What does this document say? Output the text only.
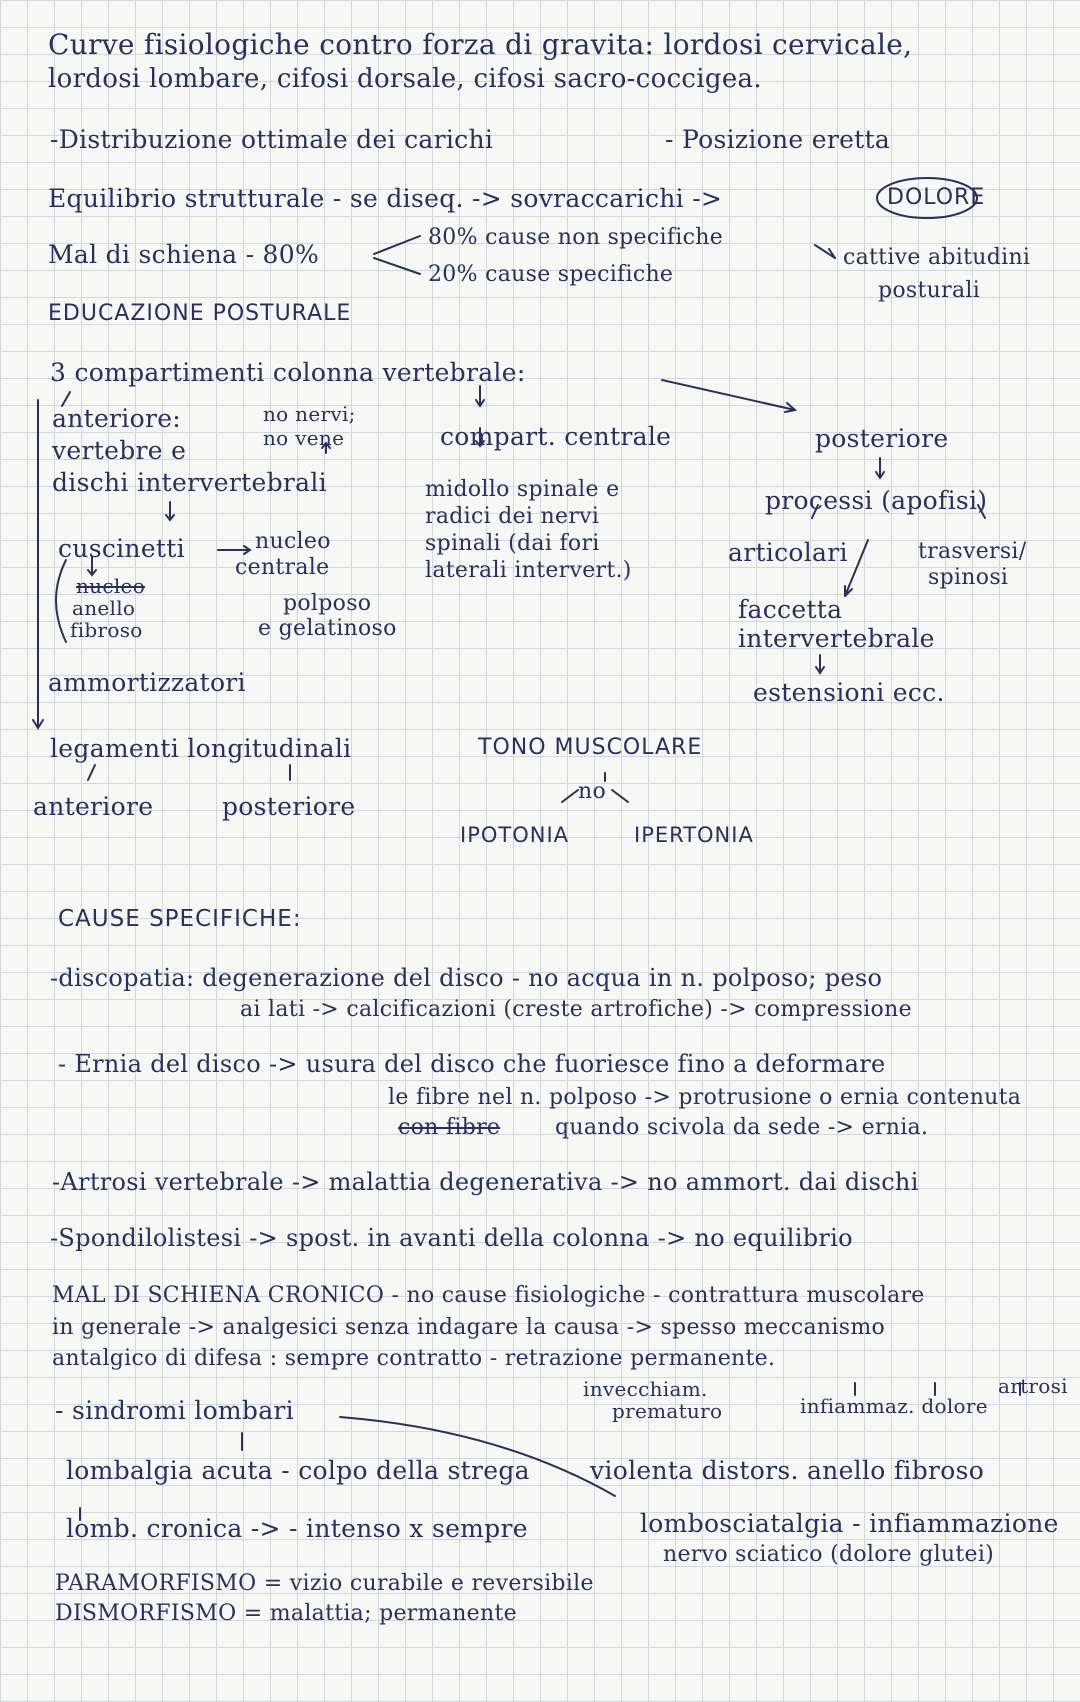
Curve fisiologiche contro forza di gravita: lordosi cervicale,
lordosi lombare, cifosi dorsale, cifosi sacro-coccigea.
-Distribuzione ottimale dei carichi	- Posizione eretta
Equilibrio strutturale - se diseq. -> sovraccarichi ->	DOLORE
Mal di schiena - 80%
80% cause non specifiche
20% cause specifiche
cattive abitudini
posturali
EDUCAZIONE POSTURALE
3 compartimenti colonna vertebrale:
anteriore:	no nervi;
no vene
vertebre e
dischi intervertebrali
cuscinetti	nucleo
centrale
nucleo
anello
fibroso
polposo
e gelatinoso
ammortizzatori
compart. centrale
midollo spinale e
radici dei nervi
spinali (dai fori
laterali intervert.)
posteriore
processi (apofisi)
articolari	trasversi/
spinosi
faccetta
intervertebrale
estensioni ecc.
legamenti longitudinali
anteriore	posteriore
TONO MUSCOLARE
no
IPOTONIA	IPERTONIA
CAUSE SPECIFICHE:
-discopatia: degenerazione del disco - no acqua in n. polposo; peso
ai lati -> calcificazioni (creste artrofiche) -> compressione
- Ernia del disco -> usura del disco che fuoriesce fino a deformare
le fibre nel n. polposo -> protrusione o ernia contenuta
con fibre quando scivola da sede -> ernia.
-Artrosi vertebrale -> malattia degenerativa -> no ammort. dai dischi
-Spondilolistesi -> spost. in avanti della colonna -> no equilibrio
MAL DI SCHIENA CRONICO - no cause fisiologiche - contrattura muscolare
in generale -> analgesici senza indagare la causa -> spesso meccanismo
antalgico di difesa : sempre contratto - retrazione permanente.
invecchiam.
prematuro	infiammaz. dolore
artrosi
- sindromi lombari
lombalgia acuta - colpo della strega violenta distors. anello fibroso
lomb. cronica -> - intenso x sempre	lombosciatalgia - infiammazione
nervo sciatico (dolore glutei)
PARAMORFISMO = vizio curabile e reversibile
DISMORFISMO = malattia; permanente
